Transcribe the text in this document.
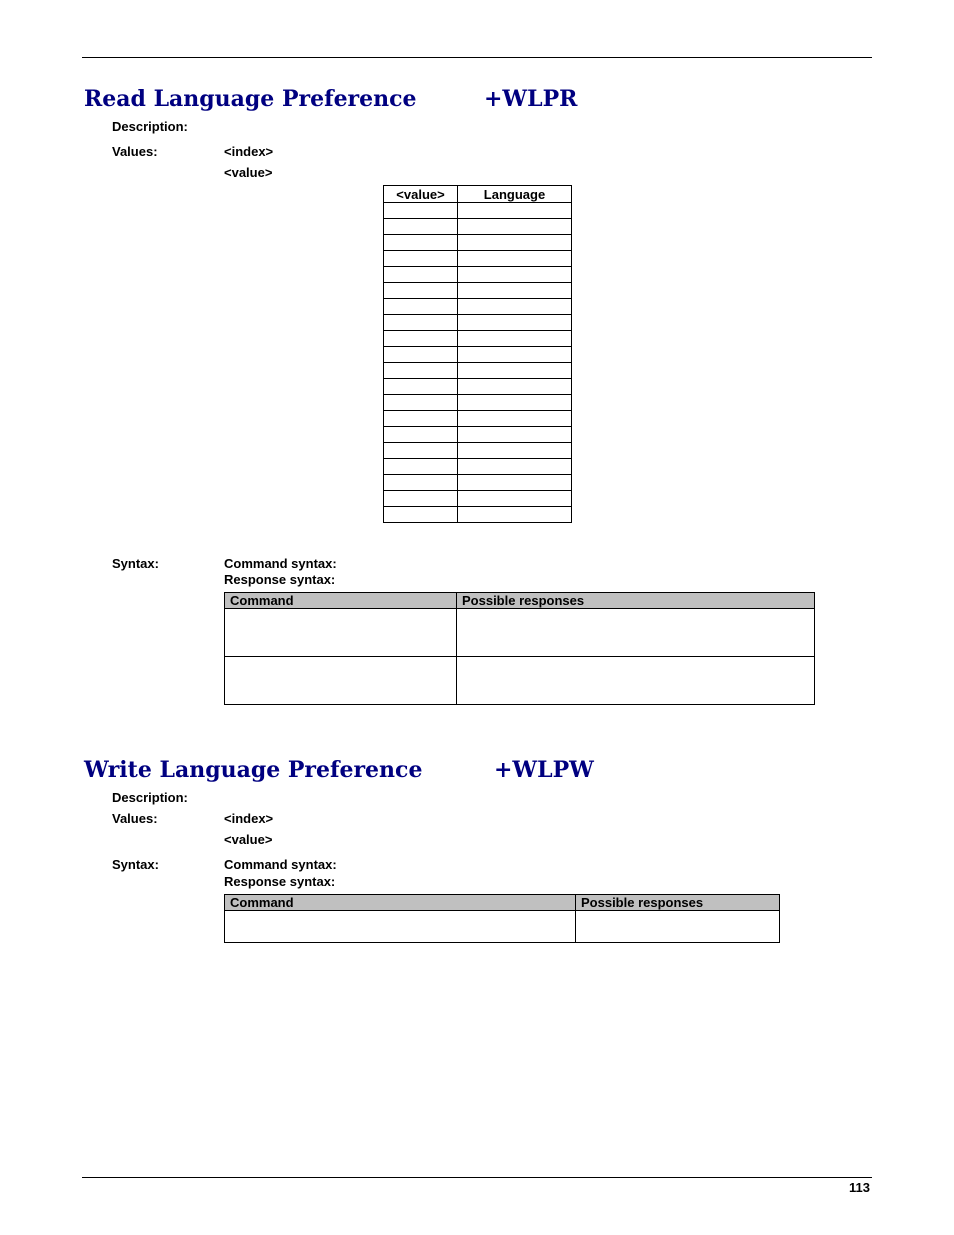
Read Language Preference	+WLPR
Description:
Values:	<index>
<value>
<value>	Language

Syntax:	Command syntax:
Response syntax:
Command	Possible responses

Write Language Preference	+WLPW
Description:
Values:	<index>
<value>
Syntax:	Command syntax:
Response syntax:
Command	Possible responses

113
